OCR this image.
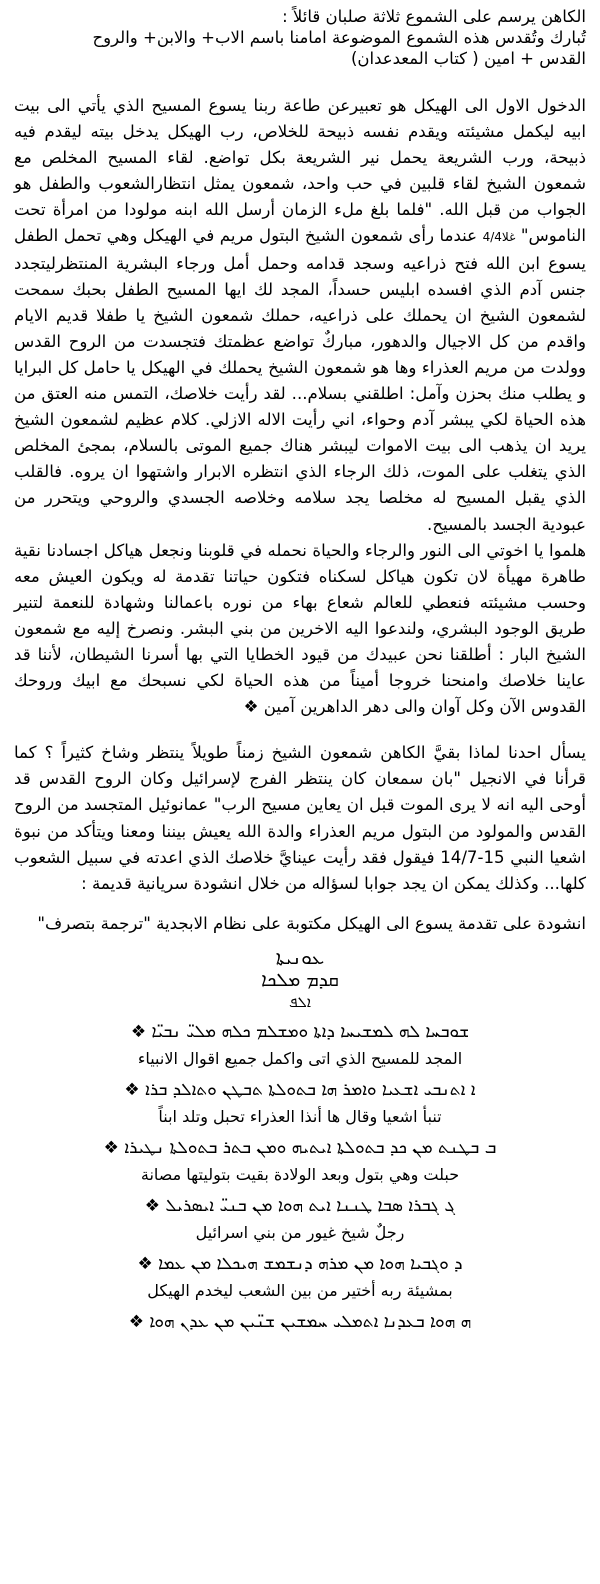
الكاهن يرسم على الشموع ثلاثة صلبان قائلاً :
تُبارك وتُقدس هذه الشموع الموضوعة امامنا باسم الاب+ والابن+ والروح
القدس + امين ( كتاب المعدعدان)

الدخول الاول الى الهيكل هو تعبيرعن طاعة ربنا يسوع المسيح الذي يأتي الى بيت ابيه ليكمل مشيئته ويقدم نفسه ذبيحة للخلاص، رب الهيكل يدخل بيته ليقدم فيه ذبيحة، ورب الشريعة يحمل نير الشريعة بكل تواضع. لقاء المسيح المخلص مع شمعون الشيخ لقاء قلبين في حب واحد، شمعون يمثل انتظارالشعوب والطفل هو الجواب من قبل الله. "فلما بلغ ملء الزمان أرسل الله ابنه مولودا من امرأة تحت الناموس" غلا4/4 عندما رأى شمعون الشيخ البتول مريم في الهيكل وهي تحمل الطفل يسوع ابن الله فتح ذراعيه وسجد قدامه وحمل أمل ورجاء البشرية المنتظرليتجدد جنس آدم الذي افسده ابليس حسداً، المجد لك ايها المسيح الطفل بحبك سمحت لشمعون الشيخ ان يحملك على ذراعيه، حملك شمعون الشيخ يا طفلا قديم الايام واقدم من كل الاجيال والدهور، مباركٌ تواضع عظمتك فتجسدت من الروح القدس وولدت من مريم العذراء وها هو شمعون الشيخ يحملك في الهيكل يا حامل كل البرايا و يطلب منك بحزن وآمل: اطلقني بسلام... لقد رأيت خلاصك، التمس منه العتق من هذه الحياة لكي يبشر آدم وحواء، اني رأيت الاله الازلي. كلام عظيم لشمعون الشيخ يريد ان يذهب الى بيت الاموات ليبشر هناك جميع الموتى بالسلام، بمجئ المخلص الذي يتغلب على الموت، ذلك الرجاء الذي انتظره الابرار واشتهوا ان يروه. فالقلب الذي يقبل المسيح له مخلصا يجد سلامه وخلاصه الجسدي والروحي ويتحرر من عبودية الجسد بالمسيح.

هلموا يا اخوتي الى النور والرجاء والحياة نحمله في قلوبنا ونجعل هياكل اجسادنا نقية طاهرة مهيأة لان تكون هياكل لسكناه فتكون حياتنا تقدمة له ويكون العيش معه وحسب مشيئته فنعطي للعالم شعاع بهاء من نوره باعمالنا وشهادة للنعمة لتنير طريق الوجود البشري، ولندعوا اليه الاخرين من بني البشر. ونصرخ إليه مع شمعون الشيخ البار : أطلقنا نحن عبيدك من قيود الخطايا التي بها أسرنا الشيطان، لأننا قد عاينا خلاصك وامنحنا خروجا أميناً من هذه الحياة لكي نسبحك مع ابيك وروحك القدوس الآن وكل آوان والى دهر الداهرين آمين ❖

يسأل احدنا لماذا بقيَّ الكاهن شمعون الشيخ زمناً طويلاً ينتظر وشاخ كثيراً ؟ كما قرأنا في الانجيل "بان سمعان كان ينتظر الفرج لإسرائيل وكان الروح القدس قد أوحى اليه انه لا يرى الموت قبل ان يعاين مسيح الرب" عمانوئيل المتجسد من الروح القدس والمولود من البتول مريم العذراء والدة الله يعيش بيننا ومعنا ويتأكد من نبوة اشعيا النبي 15-14/7 فيقول فقد رأيت عينايَّ خلاصك الذي اعدته في سبيل الشعوب كلها... وكذلك يمكن ان يجد جوابا لسؤاله من خلال انشودة سريانية قديمة :

انشودة على تقدمة يسوع الى الهيكل مكتوبة على نظام الابجدية "ترجمة بتصرف"

ܥܘܢܝܬܐ
ܩܕܡ ܡܠܟܐ
ܐܠܦ
ܫܘܒܚܐ ܠܗ ܠܡܫܝܚܐ ܕܐܬܐ ܘܡܫܠܡ ܟܠܗ ܡܠܝ̈ ܢܒܝ̈ܐ ❖
المجد للمسيح الذي اتى واكمل جميع اقوال الانبياء
ܐ ܐܬܢܒܝ ܐܫܥܝܐ ܘܐܡܪ ܗܐ ܒܬܘܠܬܐ ܬܒܛܢ ܘܬܐܠܕ ܒܪܐ ❖
تنبأ اشعيا وقال ها أنذا العذراء تحبل وتلد ابناً
ܒ ܒܛܢܬ ܡܢ ܟܕ ܒܬܘܠܬܐ ܐܝܬܝܗ ܘܡܢ ܒܬܪ ܒܬܘܠܬܐ ܢܛܝܪܐ ❖
حبلت وهي بتول وبعد الولادة بقيت بتوليتها مصانة
ܓ ܓܒܪܐ ܣܒܐ ܛܢܢܐ ܐܝܬ ܗܘܐ ܡܢ ܒܢܝ̈ ܐܝܣܪܝܠ ❖
رجلٌ شيخ غيور من بني اسرائيل
ܕ ܘܓܒܝܐ ܗܘܐ ܡܢ ܡܪܗ ܕܢܫܡܫ ܗܝܟܠܐ ܡܢ ܥܡܐ ❖
بمشيئة ربه أختير من بين الشعب ليخدم الهيكل
ܗ ܗܘܐ ܒܥܕܢܐ ܐܬܡܠܝ ܚܡܫܝܢ ܫܢ̈ܝܢ ܡܢ ܥܕܢ ܗܘܐ ❖
